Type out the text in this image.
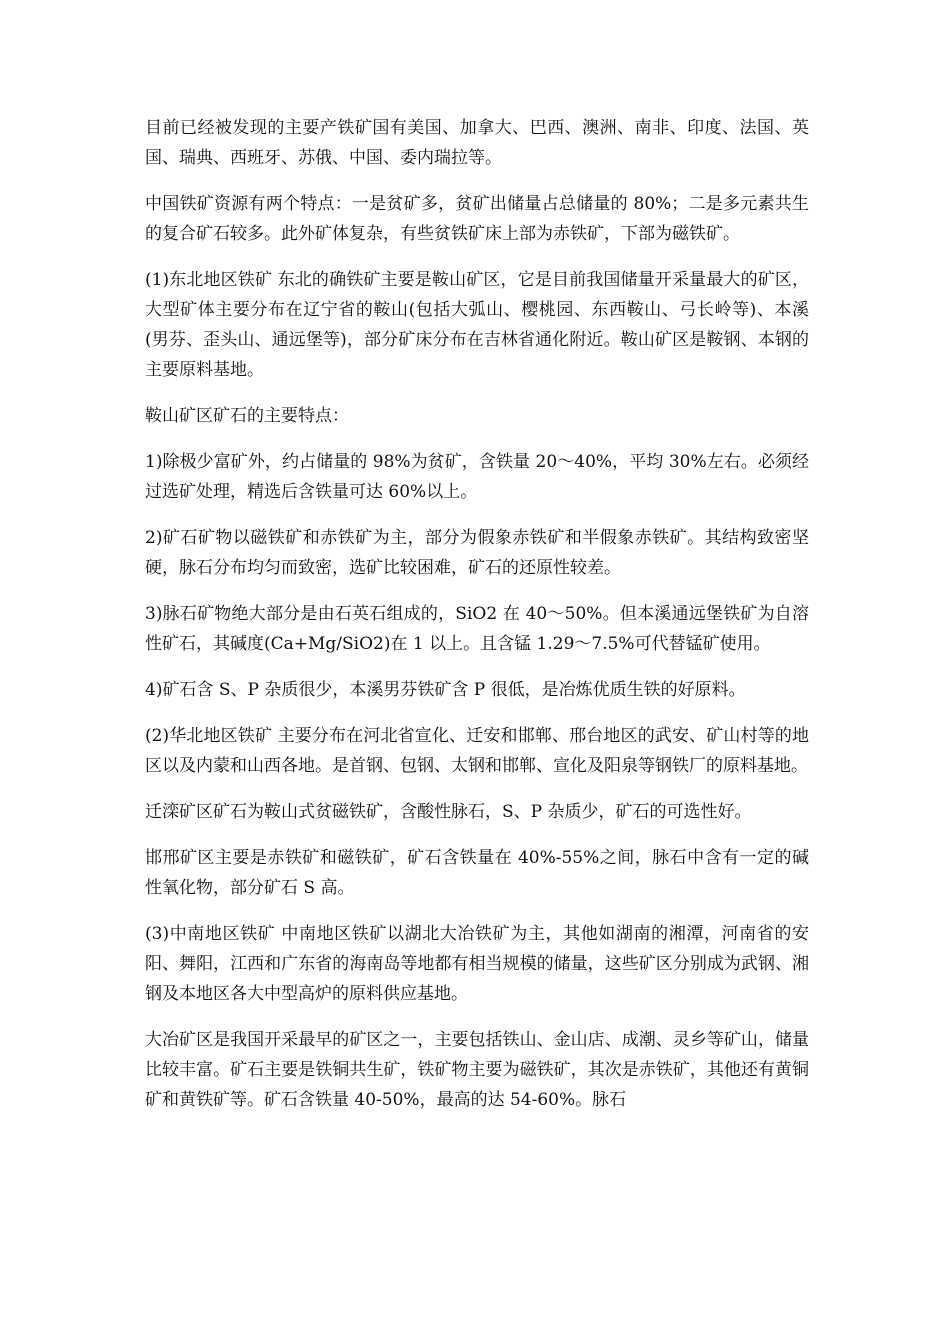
目前已经被发现的主要产铁矿国有美国、加拿大、巴西、澳洲、南非、印度、法国、英国、瑞典、西班牙、苏俄、中国、委内瑞拉等。

中国铁矿资源有两个特点：一是贫矿多，贫矿出储量占总储量的 80%；二是多元素共生的复合矿石较多。此外矿体复杂，有些贫铁矿床上部为赤铁矿，下部为磁铁矿。

(1)东北地区铁矿 东北的确铁矿主要是鞍山矿区，它是目前我国储量开采量最大的矿区，大型矿体主要分布在辽宁省的鞍山(包括大弧山、樱桃园、东西鞍山、弓长岭等)、本溪(男芬、歪头山、通远堡等)，部分矿床分布在吉林省通化附近。鞍山矿区是鞍钢、本钢的主要原料基地。

鞍山矿区矿石的主要特点：

1)除极少富矿外，约占储量的 98%为贫矿，含铁量 20～40%，平均 30%左右。必须经过选矿处理，精选后含铁量可达 60%以上。

2)矿石矿物以磁铁矿和赤铁矿为主，部分为假象赤铁矿和半假象赤铁矿。其结构致密坚硬，脉石分布均匀而致密，选矿比较困难，矿石的还原性较差。

3)脉石矿物绝大部分是由石英石组成的，SiO2 在 40～50%。但本溪通远堡铁矿为自溶性矿石，其碱度(Ca+Mg/SiO2)在 1 以上。且含锰 1.29～7.5%可代替锰矿使用。

4)矿石含 S、P 杂质很少，本溪男芬铁矿含 P 很低，是冶炼优质生铁的好原料。

(2)华北地区铁矿 主要分布在河北省宣化、迁安和邯郸、邢台地区的武安、矿山村等的地区以及内蒙和山西各地。是首钢、包钢、太钢和邯郸、宣化及阳泉等钢铁厂的原料基地。

迁滦矿区矿石为鞍山式贫磁铁矿，含酸性脉石，S、P 杂质少，矿石的可选性好。

邯邢矿区主要是赤铁矿和磁铁矿，矿石含铁量在 40%-55%之间，脉石中含有一定的碱性氧化物，部分矿石 S 高。

(3)中南地区铁矿 中南地区铁矿以湖北大冶铁矿为主，其他如湖南的湘潭，河南省的安阳、舞阳，江西和广东省的海南岛等地都有相当规模的储量，这些矿区分别成为武钢、湘钢及本地区各大中型高炉的原料供应基地。

大冶矿区是我国开采最早的矿区之一，主要包括铁山、金山店、成潮、灵乡等矿山，储量比较丰富。矿石主要是铁铜共生矿，铁矿物主要为磁铁矿，其次是赤铁矿，其他还有黄铜矿和黄铁矿等。矿石含铁量 40-50%，最高的达 54-60%。脉石
